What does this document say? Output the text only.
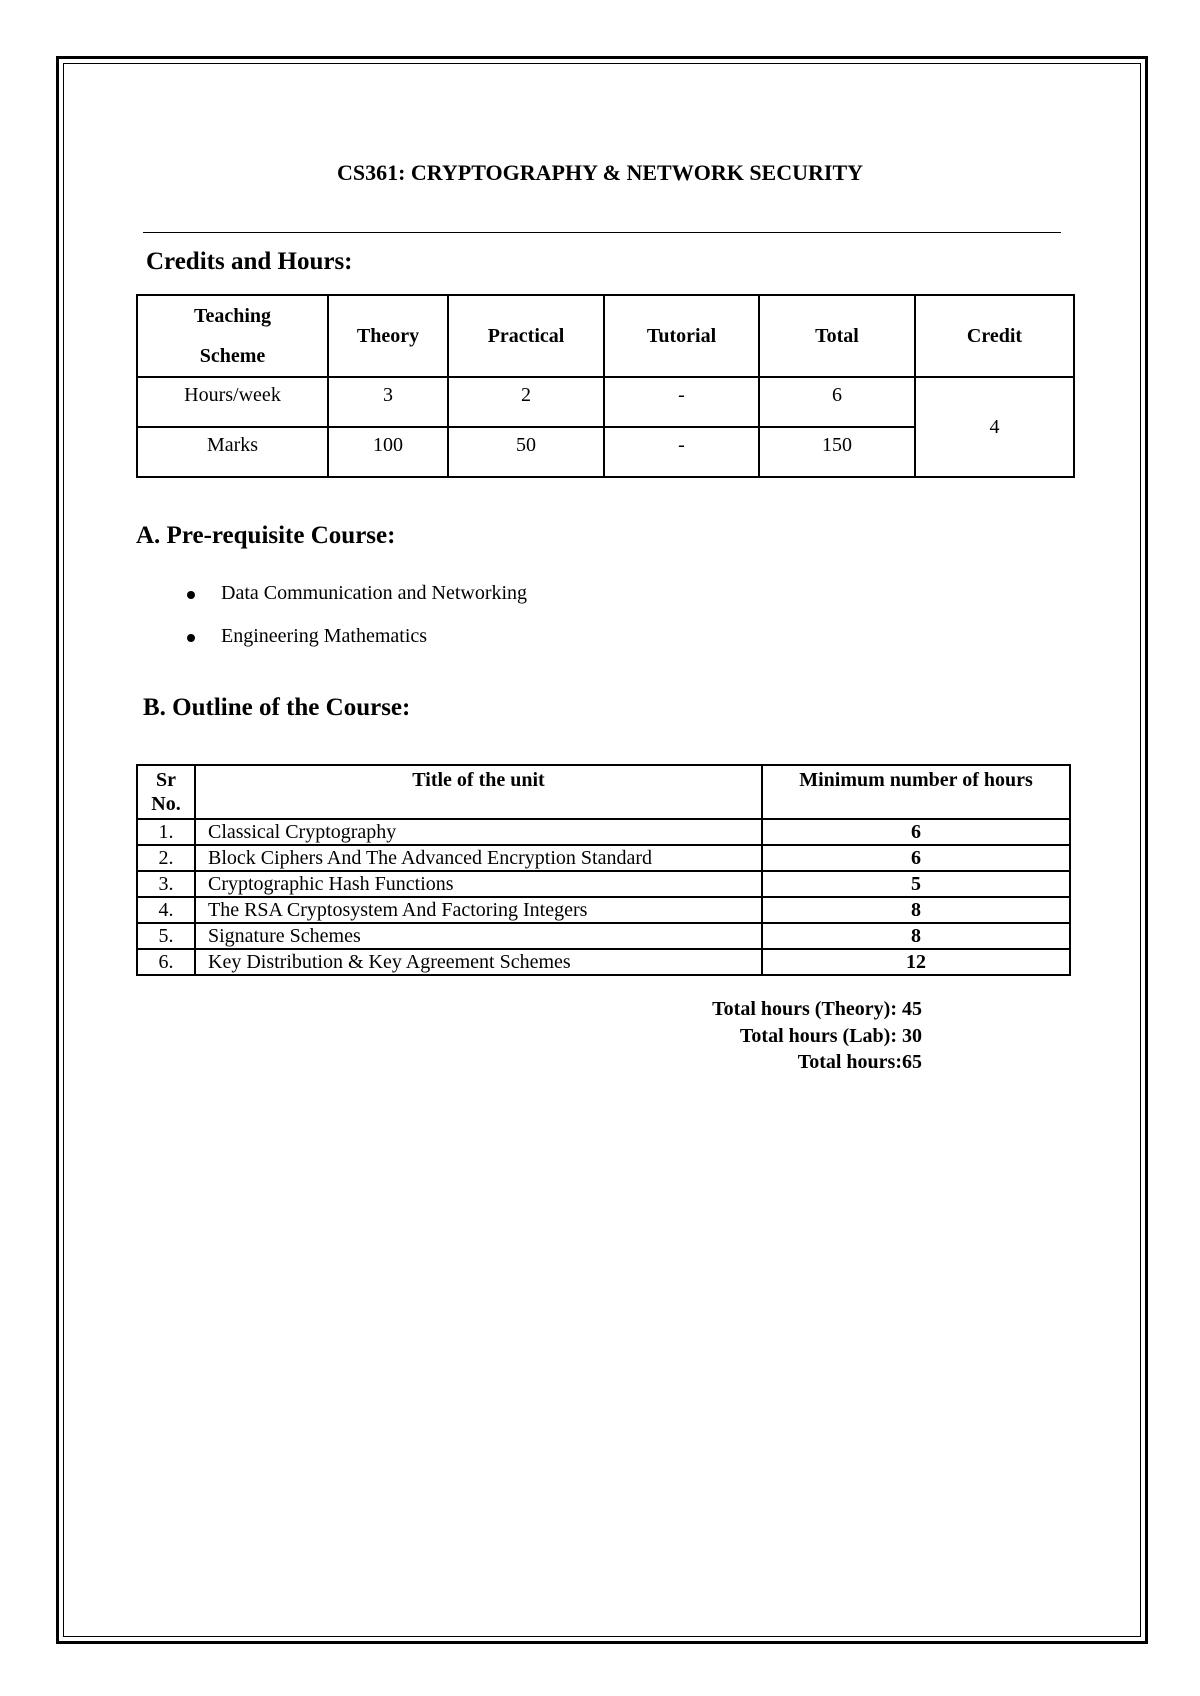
CS361: CRYPTOGRAPHY & NETWORK SECURITY
Credits and Hours:
Teaching
Scheme	Theory	Practical	Tutorial	Total	Credit
Hours/week	3	2	-	6	4
Marks	100	50	-	150	
A. Pre-requisite Course:
Data Communication and Networking
Engineering Mathematics
B. Outline of the Course:
Sr
No.	Title of the unit	Minimum number of hours
1.	Classical Cryptography	6
2.	Block Ciphers And The Advanced Encryption Standard	6
3.	Cryptographic Hash Functions	5
4.	The RSA Cryptosystem And Factoring Integers	8
5.	Signature Schemes	8
6.	Key Distribution & Key Agreement Schemes	12
Total hours (Theory): 45
Total hours (Lab): 30
Total hours:65
